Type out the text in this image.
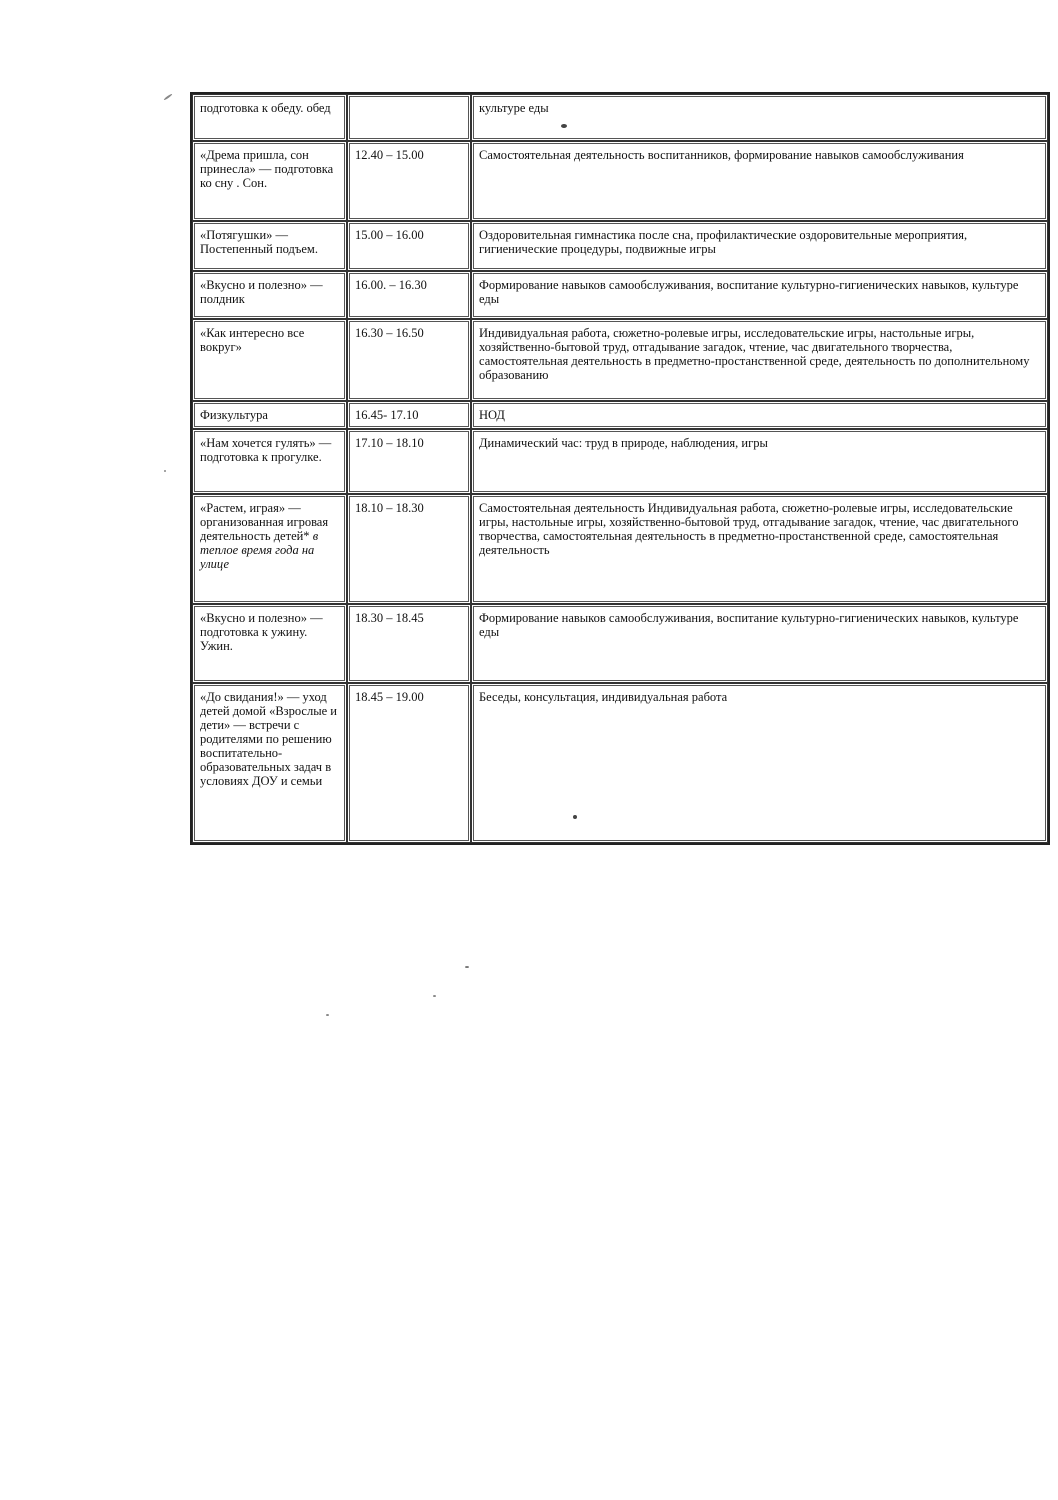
подготовка к обеду. обед		культуре еды
«Дрема пришла, сон принесла» — подготовка ко сну . Сон.	12.40 – 15.00	Самостоятельная деятельность воспитанников, формирование навыков самообслуживания
«Потягушки» — Постепенный подъем.	15.00 – 16.00	Оздоровительная гимнастика после сна, профилактические оздоровительные мероприятия, гигиенические процедуры, подвижные игры
«Вкусно и полезно» — полдник	16.00. – 16.30	Формирование навыков самообслуживания, воспитание культурно-гигиенических навыков, культуре еды
«Как интересно все вокруг»	16.30 – 16.50	Индивидуальная работа, сюжетно-ролевые игры, исследовательские игры, настольные игры, хозяйственно-бытовой труд, отгадывание загадок, чтение, час двигательного творчества, самостоятельная деятельность в предметно-простанственной среде, деятельность по дополнительному образованию
Физкультура	16.45- 17.10	НОД
«Нам хочется гулять» — подготовка к прогулке.	17.10 – 18.10	Динамический час: труд в природе, наблюдения, игры
«Растем, играя» — организованная игровая деятельность детей* в теплое время года на улице	18.10 – 18.30	Самостоятельная деятельность Индивидуальная работа, сюжетно-ролевые игры, исследовательские игры, настольные игры, хозяйственно-бытовой труд, отгадывание загадок, чтение, час двигательного творчества, самостоятельная деятельность в предметно-простанственной среде, самостоятельная деятельность
«Вкусно и полезно» — подготовка к ужину. Ужин.	18.30 – 18.45	Формирование навыков самообслуживания, воспитание культурно-гигиенических навыков, культуре еды
«До свидания!» — уход детей домой «Взрослые и дети» — встречи с родителями по решению воспитательно-образовательных задач в условиях ДОУ и семьи	18.45 – 19.00	Беседы, консультация, индивидуальная работа
